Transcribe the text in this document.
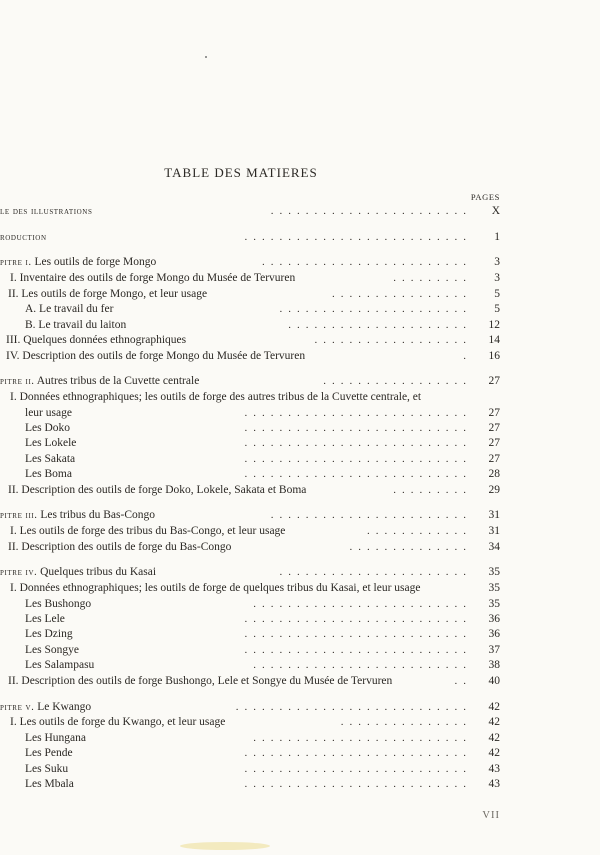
TABLE DES MATIERES
PAGES
.......................
le des illustrations	X
..........................
roduction	1
........................
pitre i. Les outils de forge Mongo	3
.........
I. Inventaire des outils de forge Mongo du Musée de Tervuren	3
................
II. Les outils de forge Mongo, et leur usage	5
......................
A. Le travail du fer	5
.....................
B. Le travail du laiton	12
..................
III. Quelques données ethnographiques	14
.
IV. Description des outils de forge Mongo du Musée de Tervuren	16
.................
pitre ii. Autres tribus de la Cuvette centrale	27
I. Données ethnographiques; les outils de forge des autres tribus de la Cuvette centrale, et
..........................
leur usage	27
..........................
Les Doko	27
..........................
Les Lokele	27
..........................
Les Sakata	27
..........................
Les Boma	28
.........
II. Description des outils de forge Doko, Lokele, Sakata et Boma	29
.......................
pitre iii. Les tribus du Bas-Congo	31
............
I. Les outils de forge des tribus du Bas-Congo, et leur usage	31
..............
II. Description des outils de forge du Bas-Congo	34
......................
pitre iv. Quelques tribus du Kasai	35
I. Données ethnographiques; les outils de forge de quelques tribus du Kasai, et leur usage	35
.........................
Les Bushongo	35
..........................
Les Lele	36
..........................
Les Dzing	36
..........................
Les Songye	37
.........................
Les Salampasu	38
..
II. Description des outils de forge Bushongo, Lele et Songye du Musée de Tervuren	40
...........................
pitre v. Le Kwango	42
...............
I. Les outils de forge du Kwango, et leur usage	42
.........................
Les Hungana	42
..........................
Les Pende	42
..........................
Les Suku	43
..........................
Les Mbala	43
VII
